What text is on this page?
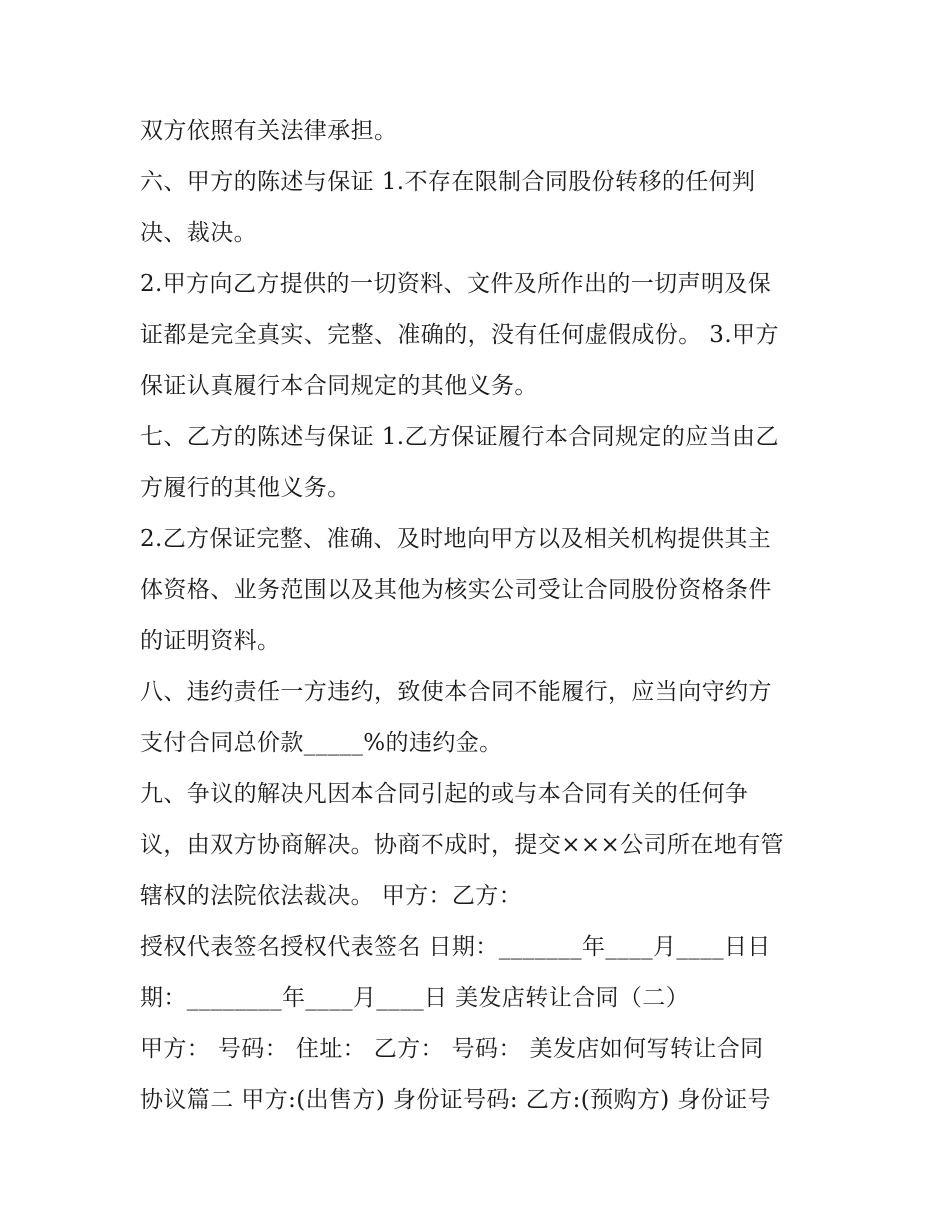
双方依照有关法律承担。
六、甲方的陈述与保证 1.不存在限制合同股份转移的任何判
决、裁决。
2.甲方向乙方提供的一切资料、文件及所作出的一切声明及保
证都是完全真实、完整、准确的，没有任何虚假成份。 3.甲方
保证认真履行本合同规定的其他义务。
七、乙方的陈述与保证 1.乙方保证履行本合同规定的应当由乙
方履行的其他义务。
2.乙方保证完整、准确、及时地向甲方以及相关机构提供其主
体资格、业务范围以及其他为核实公司受让合同股份资格条件
的证明资料。
八、违约责任一方违约，致使本合同不能履行，应当向守约方
支付合同总价款_____%的违约金。
九、争议的解决凡因本合同引起的或与本合同有关的任何争
议，由双方协商解决。协商不成时，提交×××公司所在地有管
辖权的法院依法裁决。 甲方：乙方：
授权代表签名授权代表签名 日期：_______年____月____日日
期：________年____月____日 美发店转让合同（二）
甲方： 号码： 住址： 乙方： 号码： 美发店如何写转让合同
协议篇二 甲方:(出售方) 身份证号码: 乙方:(预购方) 身份证号
